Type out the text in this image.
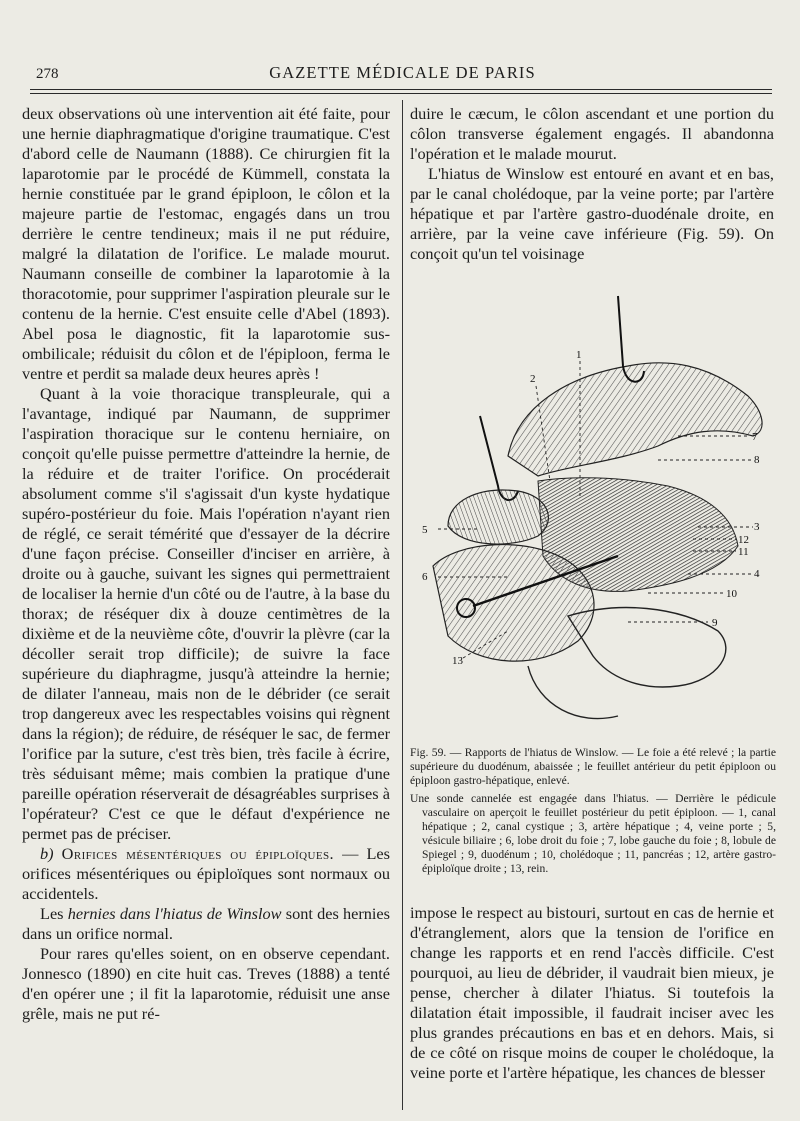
278	GAZETTE MÉDICALE DE PARIS

deux observations où une intervention ait été faite, pour une hernie diaphragmatique d'origine traumatique. C'est d'abord celle de Naumann (1888). Ce chirurgien fit la laparotomie par le procédé de Kümmell, constata la hernie constituée par le grand épiploon, le côlon et la majeure partie de l'estomac, engagés dans un trou derrière le centre tendineux; mais il ne put réduire, malgré la dilatation de l'orifice. Le malade mourut. Naumann conseille de combiner la laparotomie à la thoracotomie, pour supprimer l'aspiration pleurale sur le contenu de la hernie. C'est ensuite celle d'Abel (1893). Abel posa le diagnostic, fit la laparotomie sus-ombilicale; réduisit du côlon et de l'épiploon, ferma le ventre et perdit sa malade deux heures après !

Quant à la voie thoracique transpleurale, qui a l'avantage, indiqué par Naumann, de supprimer l'aspiration thoracique sur le contenu herniaire, on conçoit qu'elle puisse permettre d'atteindre la hernie, de la réduire et de traiter l'orifice. On procéderait absolument comme s'il s'agissait d'un kyste hydatique supéro-postérieur du foie. Mais l'opération n'ayant rien de réglé, ce serait témérité que d'essayer de la décrire d'une façon précise. Conseiller d'inciser en arrière, à droite ou à gauche, suivant les signes qui permettraient de localiser la hernie d'un côté ou de l'autre, à la base du thorax; de réséquer dix à douze centimètres de la dixième et de la neuvième côte, d'ouvrir la plèvre (car la décoller serait trop difficile); de suivre la face supérieure du diaphragme, jusqu'à atteindre la hernie; de dilater l'anneau, mais non de le débrider (ce serait trop dangereux avec les respectables voisins qui règnent dans la région); de réduire, de réséquer le sac, de fermer l'orifice par la suture, c'est très bien, très facile à écrire, très séduisant même; mais combien la pratique d'une pareille opération réserverait de désagréables surprises à l'opérateur? C'est ce que le défaut d'expérience ne permet pas de préciser.

b) Orifices mésentériques ou épiploïques. — Les orifices mésentériques ou épiploïques sont normaux ou accidentels.

Les hernies dans l'hiatus de Winslow sont des hernies dans un orifice normal.

Pour rares qu'elles soient, on en observe cependant. Jonnesco (1890) en cite huit cas. Treves (1888) a tenté d'en opérer une ; il fit la laparotomie, réduisit une anse grêle, mais ne put ré-

duire le cæcum, le côlon ascendant et une portion du côlon transverse également engagés. Il abandonna l'opération et le malade mourut.

L'hiatus de Winslow est entouré en avant et en bas, par le canal cholédoque, par la veine porte; par l'artère hépatique et par l'artère gastro-duodénale droite, en arrière, par la veine cave inférieure (Fig. 59). On conçoit qu'un tel voisinage

1
2
3
4
5
6
7
8
9
10
11
12
13

Fig. 59. — Rapports de l'hiatus de Winslow. — Le foie a été relevé ; la partie supérieure du duodénum, abaissée ; le feuillet antérieur du petit épiploon ou épiploon gastro-hépatique, enlevé.

Une sonde cannelée est engagée dans l'hiatus. — Derrière le pédicule vasculaire on aperçoit le feuillet postérieur du petit épiploon. — 1, canal hépatique ; 2, canal cystique ; 3, artère hépatique ; 4, veine porte ; 5, vésicule biliaire ; 6, lobe droit du foie ; 7, lobe gauche du foie ; 8, lobule de Spiegel ; 9, duodénum ; 10, cholédoque ; 11, pancréas ; 12, artère gastro-épiploïque droite ; 13, rein.

impose le respect au bistouri, surtout en cas de hernie et d'étranglement, alors que la tension de l'orifice en change les rapports et en rend l'accès difficile. C'est pourquoi, au lieu de débrider, il vaudrait bien mieux, je pense, chercher à dilater l'hiatus. Si toutefois la dilatation était impossible, il faudrait inciser avec les plus grandes précautions en bas et en dehors. Mais, si de ce côté on risque moins de couper le cholédoque, la veine porte et l'artère hépatique, les chances de blesser
